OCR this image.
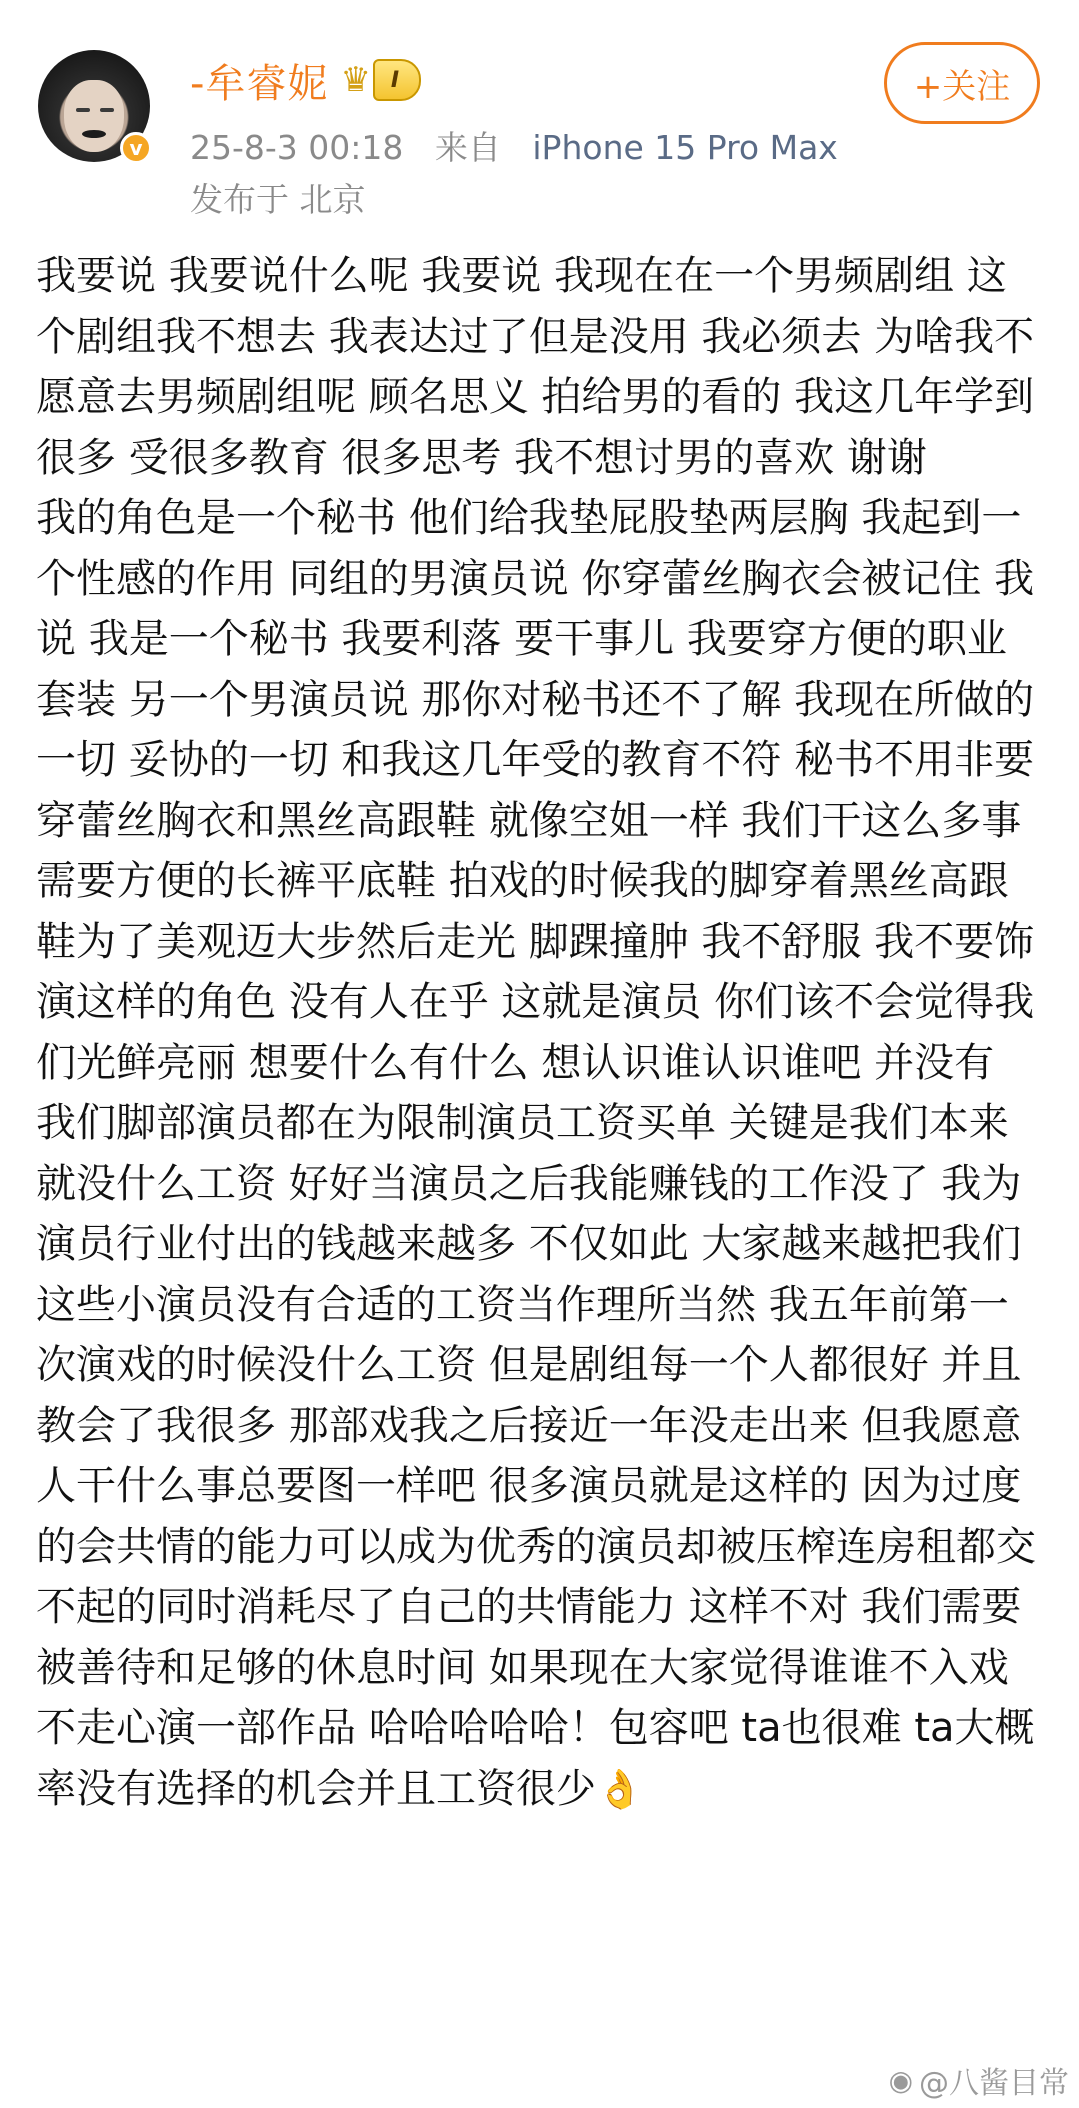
v
-牟睿妮 ♛ I
25-8-3 00:18 来自 iPhone 15 Pro Max
发布于 北京
+关注
我要说 我要说什么呢 我要说 我现在在一个男频剧组 这个剧组我不想去 我表达过了但是没用 我必须去 为啥我不愿意去男频剧组呢 顾名思义 拍给男的看的 我这几年学到很多 受很多教育 很多思考 我不想讨男的喜欢 谢谢
我的角色是一个秘书 他们给我垫屁股垫两层胸 我起到一个性感的作用 同组的男演员说 你穿蕾丝胸衣会被记住 我说 我是一个秘书 我要利落 要干事儿 我要穿方便的职业套装 另一个男演员说 那你对秘书还不了解 我现在所做的一切 妥协的一切 和我这几年受的教育不符 秘书不用非要穿蕾丝胸衣和黑丝高跟鞋 就像空姐一样 我们干这么多事 需要方便的长裤平底鞋 拍戏的时候我的脚穿着黑丝高跟鞋为了美观迈大步然后走光 脚踝撞肿 我不舒服 我不要饰演这样的角色 没有人在乎 这就是演员 你们该不会觉得我们光鲜亮丽 想要什么有什么 想认识谁认识谁吧 并没有 我们脚部演员都在为限制演员工资买单 关键是我们本来就没什么工资 好好当演员之后我能赚钱的工作没了 我为演员行业付出的钱越来越多 不仅如此 大家越来越把我们这些小演员没有合适的工资当作理所当然 我五年前第一次演戏的时候没什么工资 但是剧组每一个人都很好 并且教会了我很多 那部戏我之后接近一年没走出来 但我愿意人干什么事总要图一样吧 很多演员就是这样的 因为过度的会共情的能力可以成为优秀的演员却被压榨连房租都交不起的同时消耗尽了自己的共情能力 这样不对 我们需要被善待和足够的休息时间 如果现在大家觉得谁谁不入戏不走心演一部作品 哈哈哈哈哈！包容吧 ta也很难 ta大概率没有选择的机会并且工资很少👌
◉ @八酱目常
